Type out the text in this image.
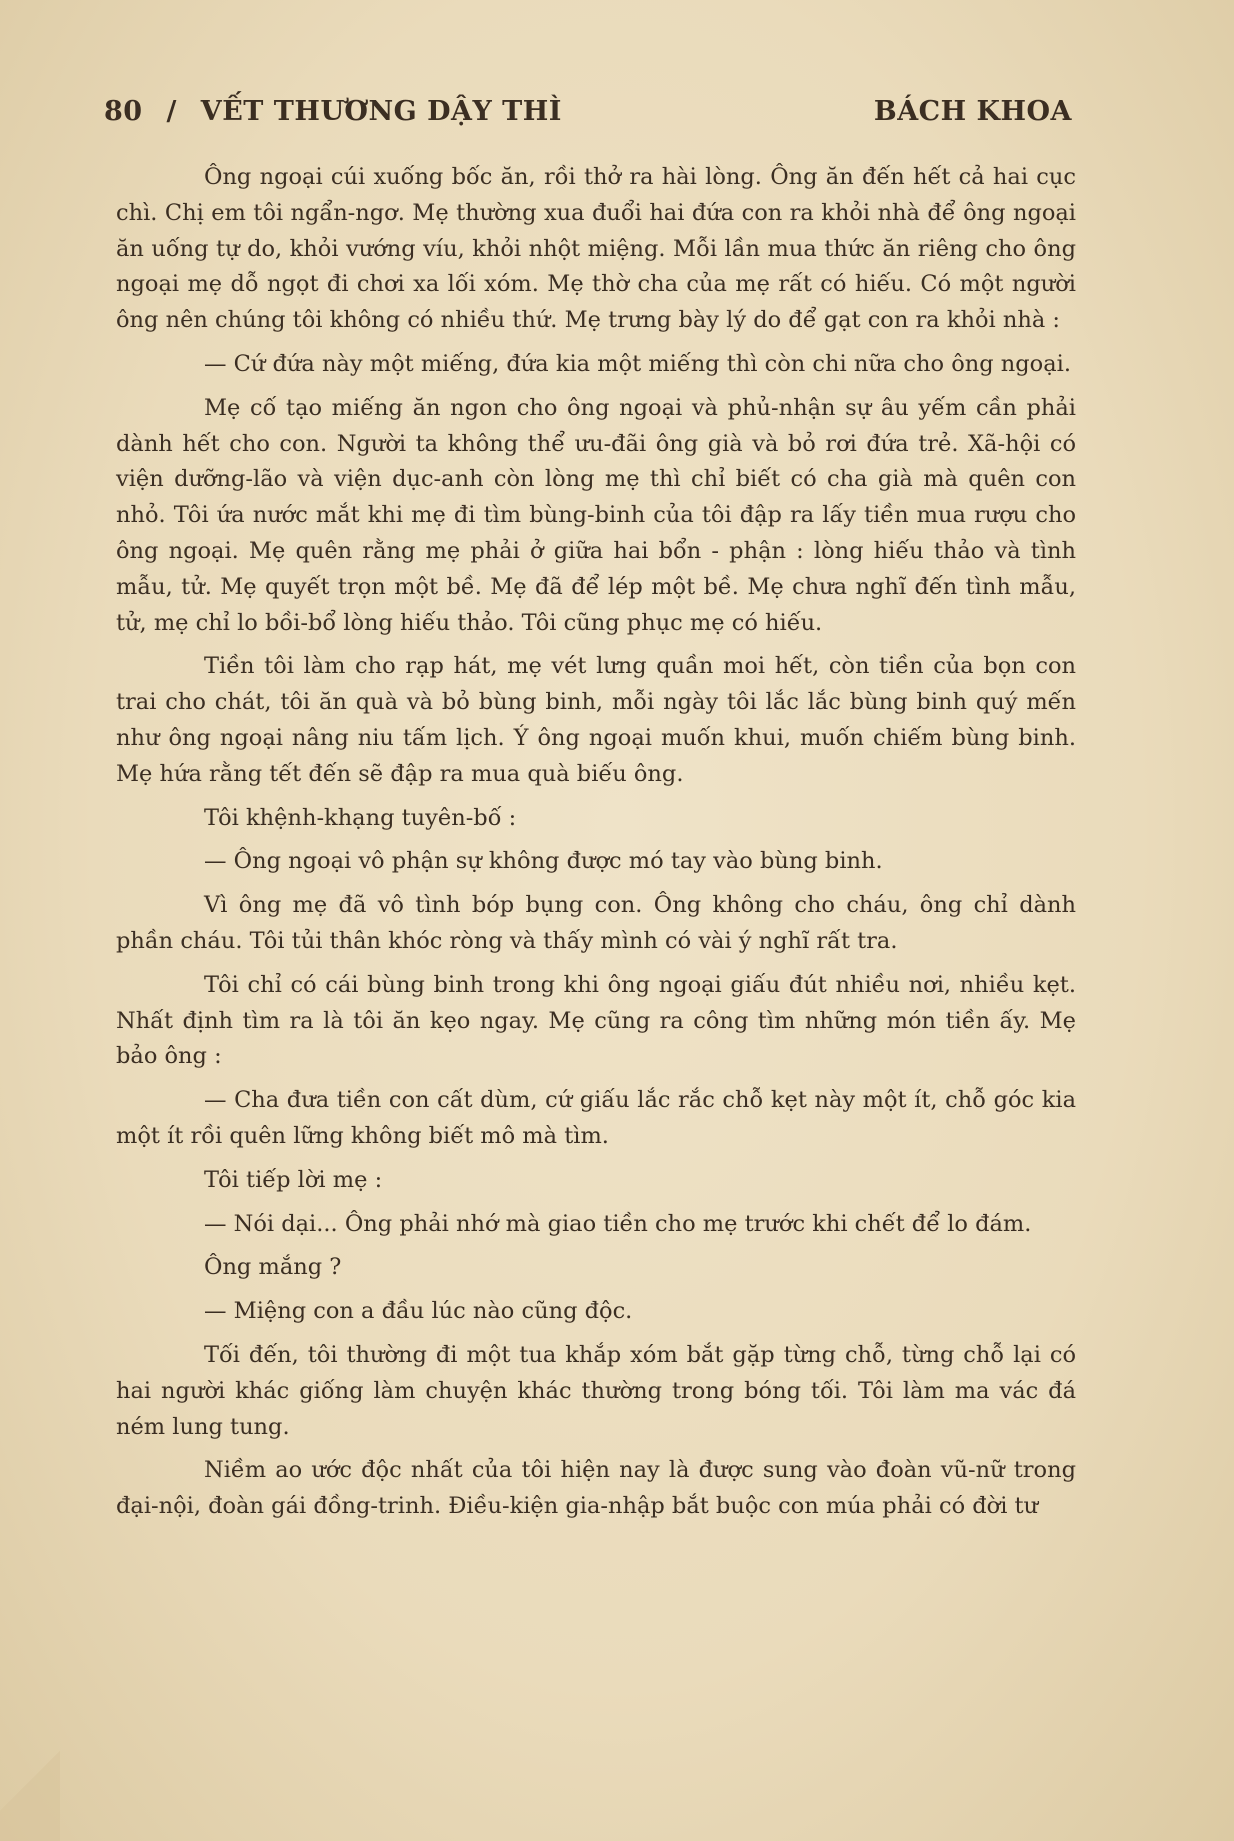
80 / VẾT THƯƠNG DẬY THÌ	BÁCH KHOA

Ông ngoại cúi xuống bốc ăn, rồi thở ra hài lòng. Ông ăn đến hết cả hai cục chì. Chị em tôi ngẩn-ngơ. Mẹ thường xua đuổi hai đứa con ra khỏi nhà để ông ngoại ăn uống tự do, khỏi vướng víu, khỏi nhột miệng. Mỗi lần mua thức ăn riêng cho ông ngoại mẹ dỗ ngọt đi chơi xa lối xóm. Mẹ thờ cha của mẹ rất có hiếu. Có một người ông nên chúng tôi không có nhiều thứ. Mẹ trưng bày lý do để gạt con ra khỏi nhà :

— Cứ đứa này một miếng, đứa kia một miếng thì còn chi nữa cho ông ngoại.

Mẹ cố tạo miếng ăn ngon cho ông ngoại và phủ-nhận sự âu yếm cần phải dành hết cho con. Người ta không thể ưu-đãi ông già và bỏ rơi đứa trẻ. Xã-hội có viện dưỡng-lão và viện dục-anh còn lòng mẹ thì chỉ biết có cha già mà quên con nhỏ. Tôi ứa nước mắt khi mẹ đi tìm bùng-binh của tôi đập ra lấy tiền mua rượu cho ông ngoại. Mẹ quên rằng mẹ phải ở giữa hai bổn - phận : lòng hiếu thảo và tình mẫu, tử. Mẹ quyết trọn một bề. Mẹ đã để lép một bề. Mẹ chưa nghĩ đến tình mẫu, tử, mẹ chỉ lo bồi-bổ lòng hiếu thảo. Tôi cũng phục mẹ có hiếu.

Tiền tôi làm cho rạp hát, mẹ vét lưng quần moi hết, còn tiền của bọn con trai cho chát, tôi ăn quà và bỏ bùng binh, mỗi ngày tôi lắc lắc bùng binh quý mến như ông ngoại nâng niu tấm lịch. Ý ông ngoại muốn khui, muốn chiếm bùng binh. Mẹ hứa rằng tết đến sẽ đập ra mua quà biếu ông.

Tôi khệnh-khạng tuyên-bố :

— Ông ngoại vô phận sự không được mó tay vào bùng binh.

Vì ông mẹ đã vô tình bóp bụng con. Ông không cho cháu, ông chỉ dành phần cháu. Tôi tủi thân khóc ròng và thấy mình có vài ý nghĩ rất tra.

Tôi chỉ có cái bùng binh trong khi ông ngoại giấu đút nhiều nơi, nhiều kẹt. Nhất định tìm ra là tôi ăn kẹo ngay. Mẹ cũng ra công tìm những món tiền ấy. Mẹ bảo ông :

— Cha đưa tiền con cất dùm, cứ giấu lắc rắc chỗ kẹt này một ít, chỗ góc kia một ít rồi quên lững không biết mô mà tìm.

Tôi tiếp lời mẹ :

— Nói dại... Ông phải nhớ mà giao tiền cho mẹ trước khi chết để lo đám.

Ông mắng ?

— Miệng con a đầu lúc nào cũng độc.

Tối đến, tôi thường đi một tua khắp xóm bắt gặp từng chỗ, từng chỗ lại có hai người khác giống làm chuyện khác thường trong bóng tối. Tôi làm ma vác đá ném lung tung.

Niềm ao ước độc nhất của tôi hiện nay là được sung vào đoàn vũ-nữ trong đại-nội, đoàn gái đồng-trinh. Điều-kiện gia-nhập bắt buộc con múa phải có đời tư
